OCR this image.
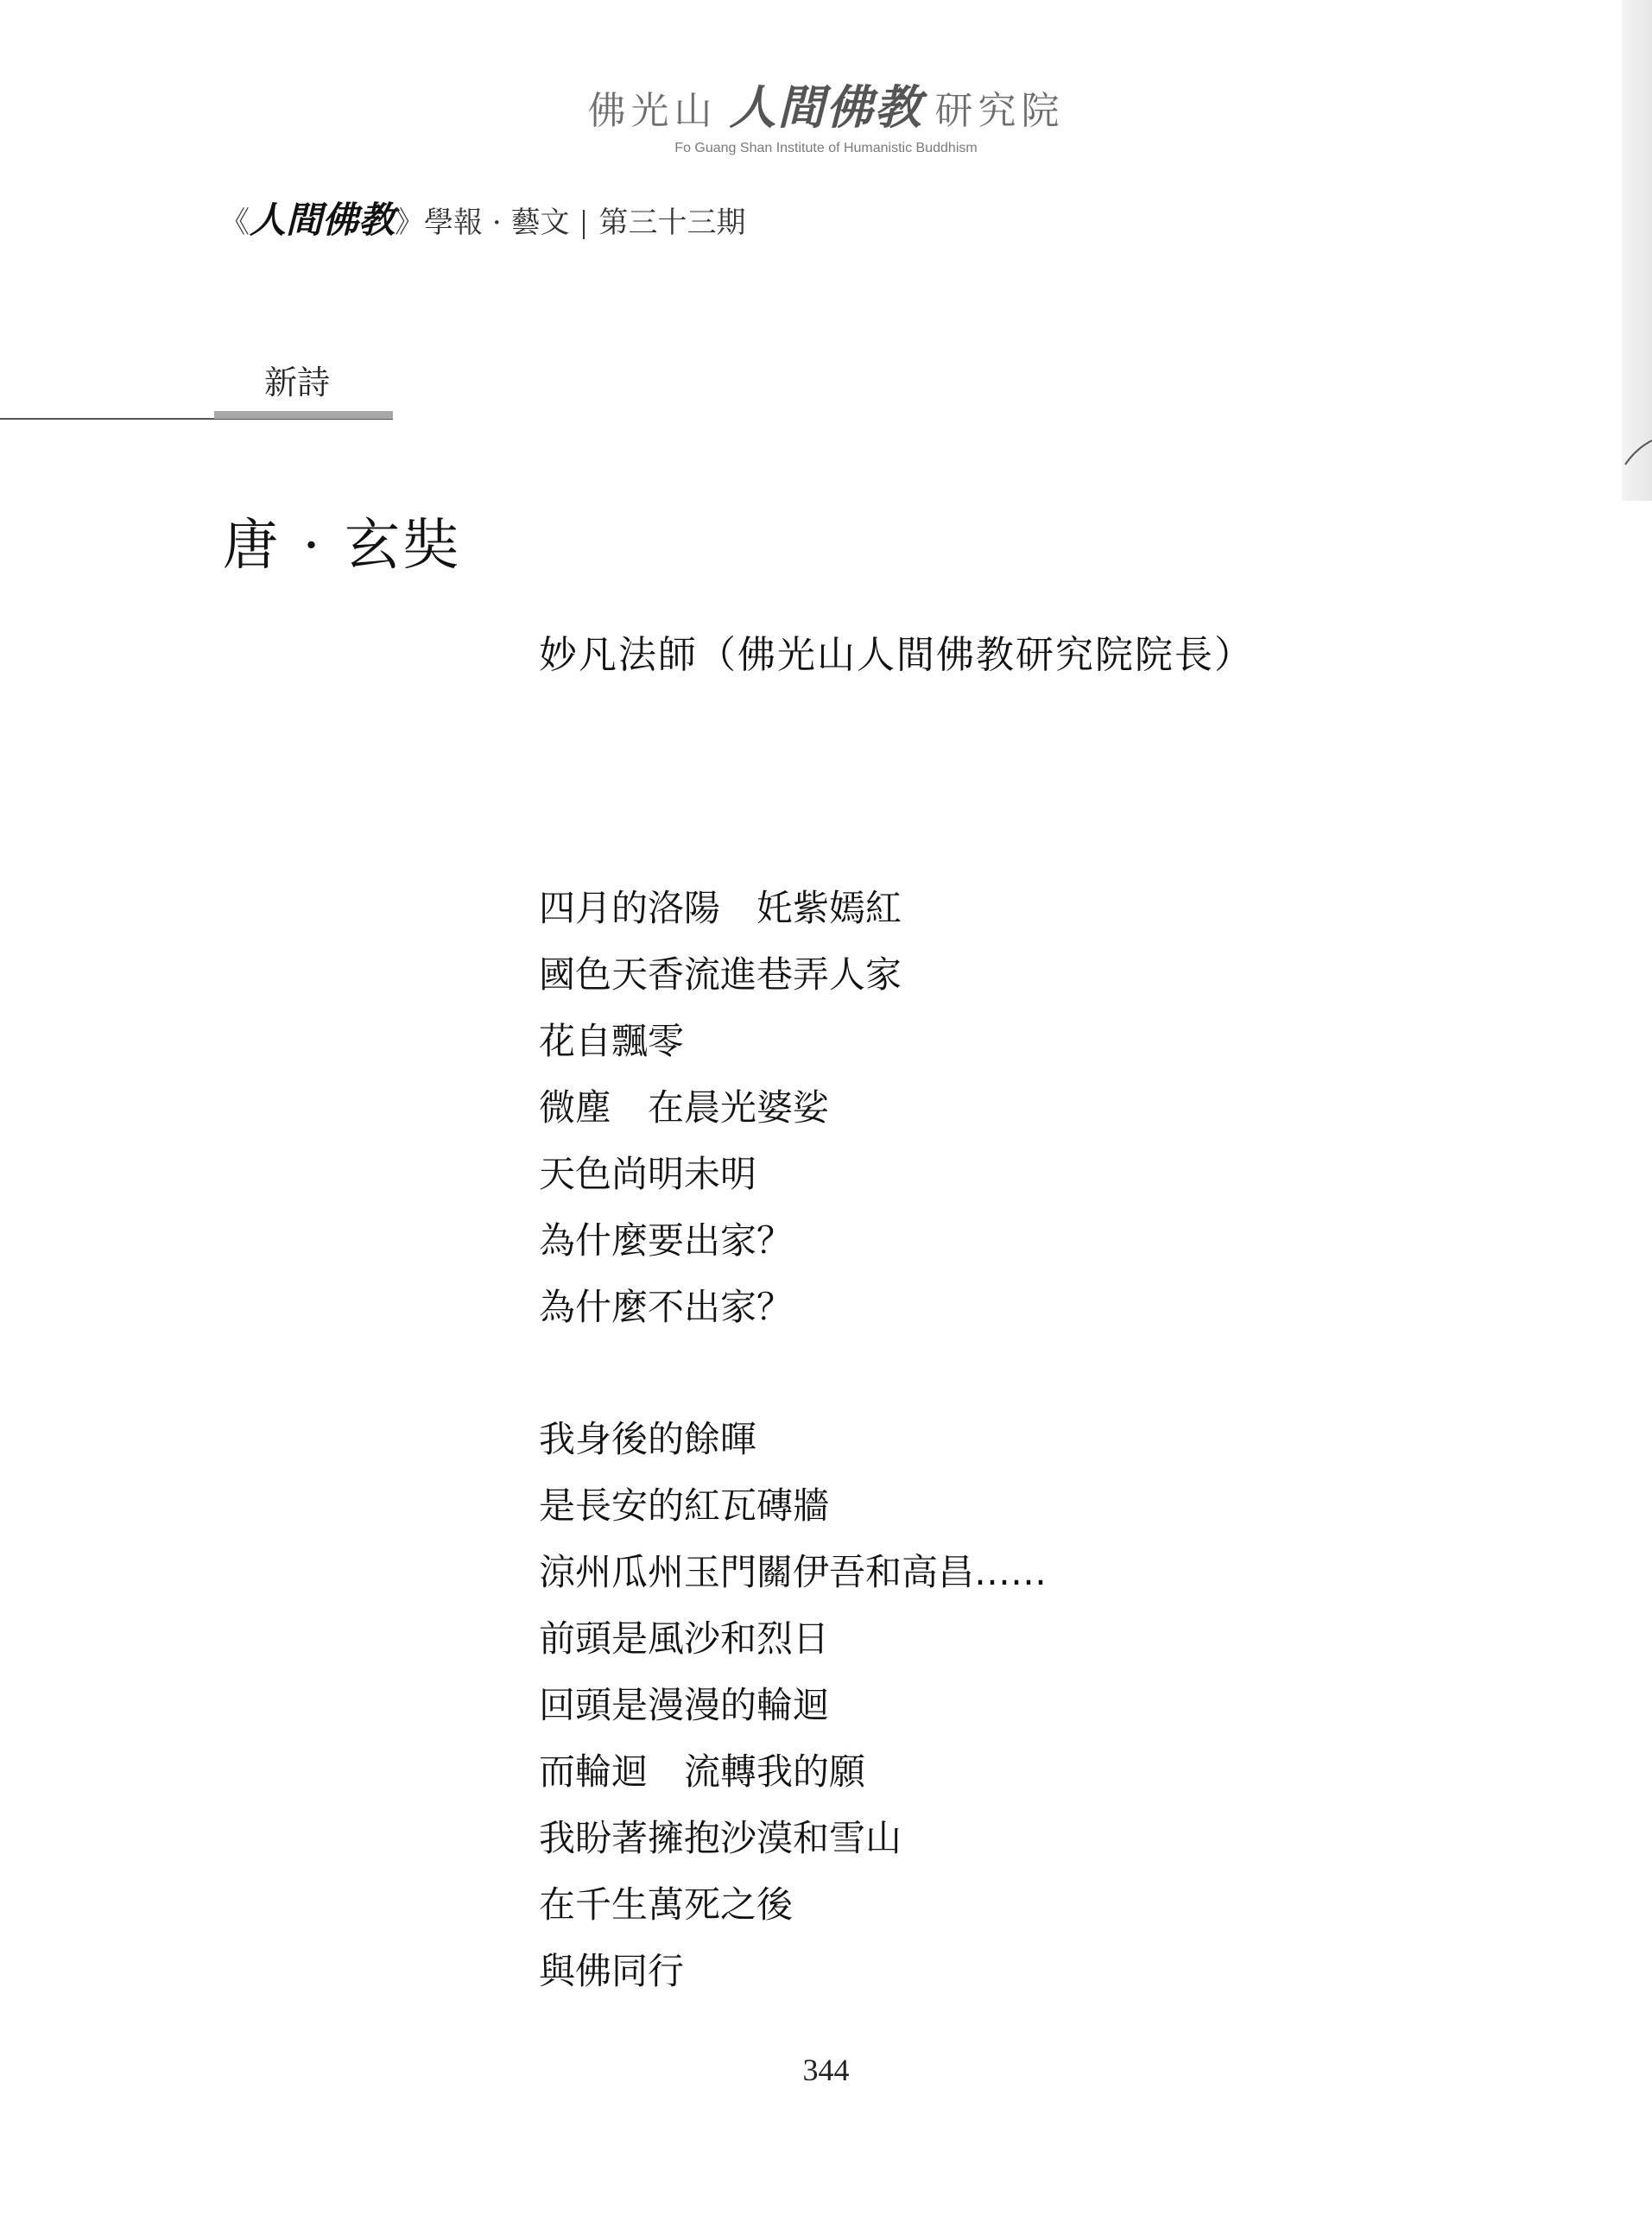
佛光山 人間佛教 研究院
Fo Guang Shan Institute of Humanistic Buddhism
《人間佛教》學報 · 藝文 第三十三期
新詩
唐 · 玄奘
妙凡法師（佛光山人間佛教研究院院長）
四月的洛陽　奼紫嫣紅
國色天香流進巷弄人家
花自飄零
微塵　在晨光婆娑
天色尚明未明
為什麼要出家？
為什麼不出家？
我身後的餘暉
是長安的紅瓦磚牆
涼州瓜州玉門關伊吾和高昌……
前頭是風沙和烈日
回頭是漫漫的輪迴
而輪迴　流轉我的願
我盼著擁抱沙漠和雪山
在千生萬死之後
與佛同行
344
